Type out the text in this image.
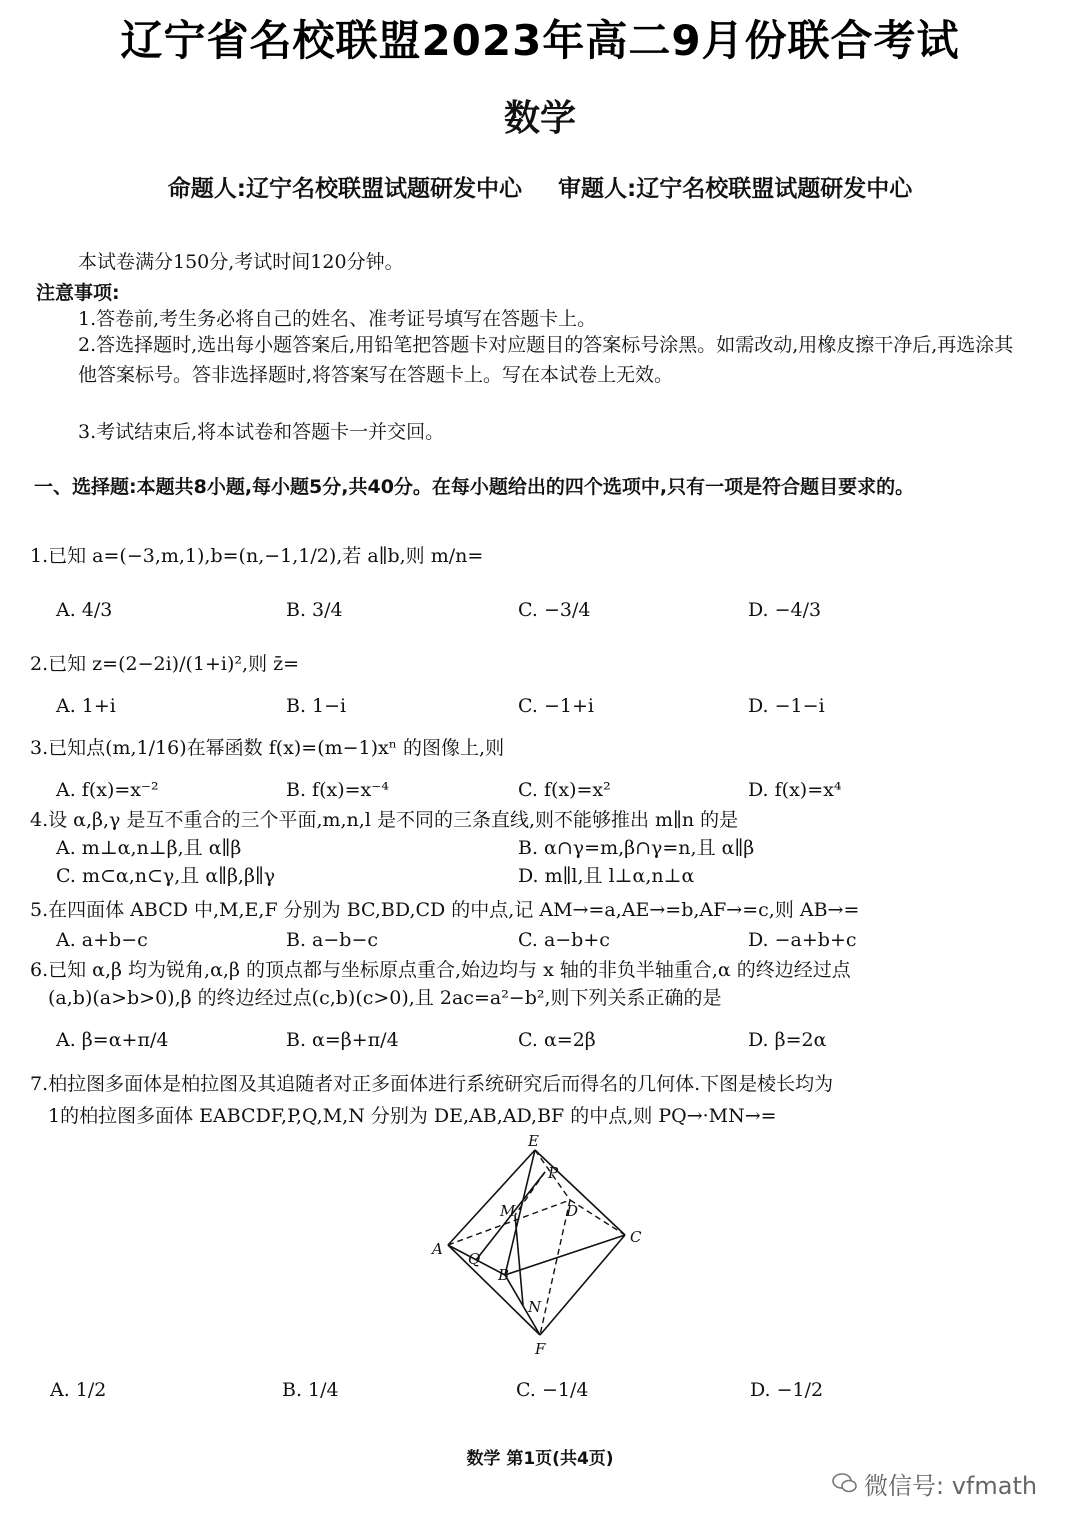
辽宁省名校联盟2023年高二9月份联合考试
数学
命题人:辽宁名校联盟试题研发中心 审题人:辽宁名校联盟试题研发中心
本试卷满分150分,考试时间120分钟。
注意事项:
1.答卷前,考生务必将自己的姓名、准考证号填写在答题卡上。
2.答选择题时,选出每小题答案后,用铅笔把答题卡对应题目的答案标号涂黑。如需改动,用橡皮擦干净后,再选涂其他答案标号。答非选择题时,将答案写在答题卡上。写在本试卷上无效。
3.考试结束后,将本试卷和答题卡一并交回。
一、选择题:本题共8小题,每小题5分,共40分。在每小题给出的四个选项中,只有一项是符合题目要求的。
1.已知 a=(−3,m,1),b=(n,−1,1/2),若 a∥b,则 m/n=
A. 4/3	B. 3/4	C. −3/4	D. −4/3
2.已知 z=(2−2i)/(1+i)²,则 z̄=
A. 1+i	B. 1−i	C. −1+i	D. −1−i
3.已知点(m,1/16)在幂函数 f(x)=(m−1)xⁿ 的图像上,则
A. f(x)=x⁻²	B. f(x)=x⁻⁴	C. f(x)=x²	D. f(x)=x⁴
4.设 α,β,γ 是互不重合的三个平面,m,n,l 是不同的三条直线,则不能够推出 m∥n 的是
A. m⊥α,n⊥β,且 α∥β	B. α∩γ=m,β∩γ=n,且 α∥β
C. m⊂α,n⊂γ,且 α∥β,β∥γ	D. m∥l,且 l⊥α,n⊥α
5.在四面体 ABCD 中,M,E,F 分别为 BC,BD,CD 的中点,记 AM→=a,AE→=b,AF→=c,则 AB→=
A. a+b−c	B. a−b−c	C. a−b+c	D. −a+b+c
6.已知 α,β 均为锐角,α,β 的顶点都与坐标原点重合,始边均与 x 轴的非负半轴重合,α 的终边经过点
(a,b)(a>b>0),β 的终边经过点(c,b)(c>0),且 2ac=a²−b²,则下列关系正确的是
A. β=α+π/4	B. α=β+π/4	C. α=2β	D. β=2α
7.柏拉图多面体是柏拉图及其追随者对正多面体进行系统研究后而得名的几何体.下图是棱长均为
1的柏拉图多面体 EABCDF,P,Q,M,N 分别为 DE,AB,AD,BF 的中点,则 PQ→·MN→=
E
P
M	D
C
A
Q
B
N
F
A. 1/2	B. 1/4	C. −1/4	D. −1/2
数学 第1页(共4页)
微信号: vfmath
